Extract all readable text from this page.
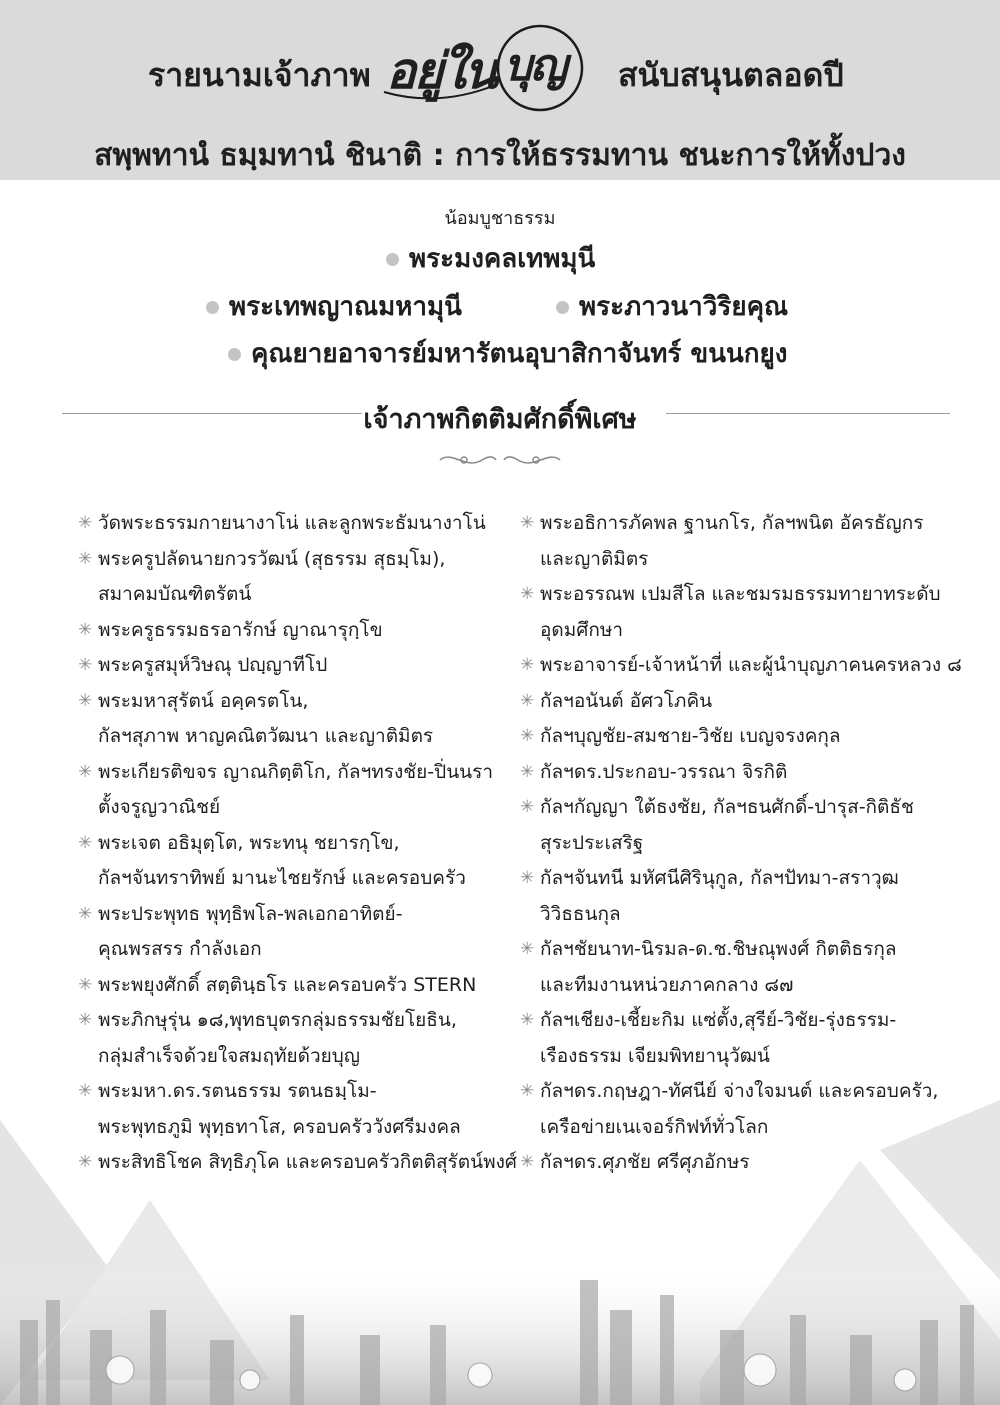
รายนามเจ้าภาพ อยู่ใน บุญ สนับสนุนตลอดปี
สพฺพทานํ ธมฺมทานํ ชินาติ : การให้ธรรมทาน ชนะการให้ทั้งปวง
น้อมบูชาธรรม
พระมงคลเทพมุนี
พระเทพญาณมหามุนี	พระภาวนาวิริยคุณ
คุณยายอาจารย์มหารัตนอุบาสิกาจันทร์ ขนนกยูง
เจ้าภาพกิตติมศักดิ์พิเศษ
✳ วัดพระธรรมกายนางาโน่ และลูกพระธัมนางาโน่
✳ พระครูปลัดนายกวรวัฒน์ (สุธรรม สุธมฺโม),
สมาคมบัณฑิตรัตน์
✳ พระครูธรรมธรอารักษ์ ญาณารุกฺโข
✳ พระครูสมุห์วิษณุ ปญฺญาทีโป
✳ พระมหาสุรัตน์ อคฺครตโน,
กัลฯสุภาพ หาญคณิตวัฒนา และญาติมิตร
✳ พระเกียรติขจร ญาณกิตฺติโก, กัลฯทรงชัย-ปิ่นนรา
ตั้งจรูญวาณิชย์
✳ พระเจต อธิมุตฺโต, พระทนุ ชยารกฺโข,
กัลฯจันทราทิพย์ มานะไชยรักษ์ และครอบครัว
✳ พระประพุทธ พุทฺธิพโล-พลเอกอาทิตย์-
คุณพรสรร กำลังเอก
✳ พระพยุงศักดิ์ สตฺตินฺธโร และครอบครัว STERN
✳ พระภิกษุรุ่น ๑๘,พุทธบุตรกลุ่มธรรมชัยโยธิน,
กลุ่มสำเร็จด้วยใจสมฤทัยด้วยบุญ
✳ พระมหา.ดร.รตนธรรม รตนธมฺโม-
พระพุทธภูมิ พุทฺธทาโส, ครอบครัววังศรีมงคล
✳ พระสิทธิโชค สิทฺธิภุโค และครอบครัวกิตติสุรัตน์พงศ์
✳ พระอธิการภัคพล ฐานกโร, กัลฯพนิต อัครธัญกร
และญาติมิตร
✳ พระอรรณพ เปมสีโล และชมรมธรรมทายาทระดับ
อุดมศึกษา
✳ พระอาจารย์-เจ้าหน้าที่ และผู้นำบุญภาคนครหลวง ๘
✳ กัลฯอนันต์ อัศวโภคิน
✳ กัลฯบุญชัย-สมชาย-วิชัย เบญจรงคกุล
✳ กัลฯดร.ประกอบ-วรรณา จิรกิติ
✳ กัลฯกัญญา ใต้ธงชัย, กัลฯธนศักดิ์-ปารุส-กิติธัช
สุระประเสริฐ
✳ กัลฯจันทนี มหัศนีศิรินุกูล, กัลฯปัทมา-สราวุฒ
วิวิธธนกุล
✳ กัลฯชัยนาท-นิรมล-ด.ช.ชิษณุพงศ์ กิตติธรกุล
และทีมงานหน่วยภาคกลาง ๘๗
✳ กัลฯเชียง-เชี้ยะกิม แซ่ตั้ง,สุรีย์-วิชัย-รุ่งธรรม-
เรืองธรรม เจียมพิทยานุวัฒน์
✳ กัลฯดร.กฤษฎา-ทัศนีย์ จ่างใจมนต์ และครอบครัว,
เครือข่ายเนเจอร์กิฟท์ทั่วโลก
✳ กัลฯดร.ศุภชัย ศรีศุภอักษร
